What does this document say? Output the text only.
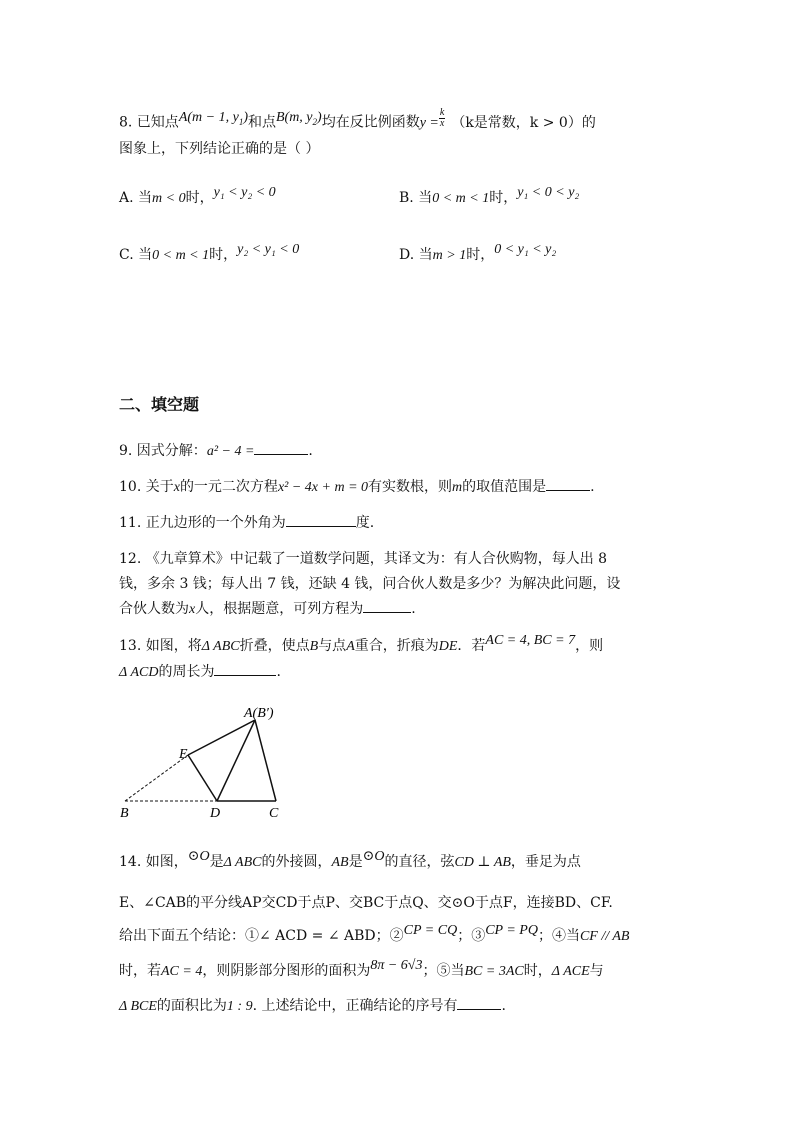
8. 已知点A(m − 1, $y_1$)和点B(m, $y_2$)均在反比例函数$y = \frac{k}{x} (k$是常数，k > 0）的
图象上，下列结论正确的是（ ）
A. 当m < 0时，y₁ < y₂ < 0	B. 当0 < m < 1时，y₁ < 0 < y₂
C. 当0 < m < 1时，y₂ < y₁ < 0	D. 当m > 1时，0 < y₁ < y₂
二、填空题
9. 因式分解：a² − 4 =	.
10. 关于x的一元二次方程x² − 4x + m = 0有实数根，则m的取值范围是	.
11. 正九边形的一个外角为	度.
12. 《九章算术》中记载了一道数学问题，其译文为：有人合伙购物，每人出 8
钱，多余 3 钱；每人出 7 钱，还缺 4 钱，问合伙人数是多少？为解决此问题，设
合伙人数为x人，根据题意，可列方程为	.
13. 如图，将Δ ABC折叠，使点B与点A重合，折痕为DE．若AC = 4, BC = 7，则
Δ ACD的周长为	.
A(B′)
E
B	D	C
14. 如图，⊙O是Δ ABC的外接圆，AB是⊙O的直径，弦CD ⊥ AB，垂足为点
E、∠CAB的平分线AP交CD于点P、交BC于点Q、交⊙O于点F，连接BD、CF.
给出下面五个结论：①∠ ACD = ∠ ABD；②CP = CQ；③CP = PQ；④当CF // AB
时，若AC = 4，则阴影部分图形的面积为8π − 6√3；⑤当BC = 3AC时，Δ ACE与
Δ BCE的面积比为1 : 9. 上述结论中，正确结论的序号有	.
